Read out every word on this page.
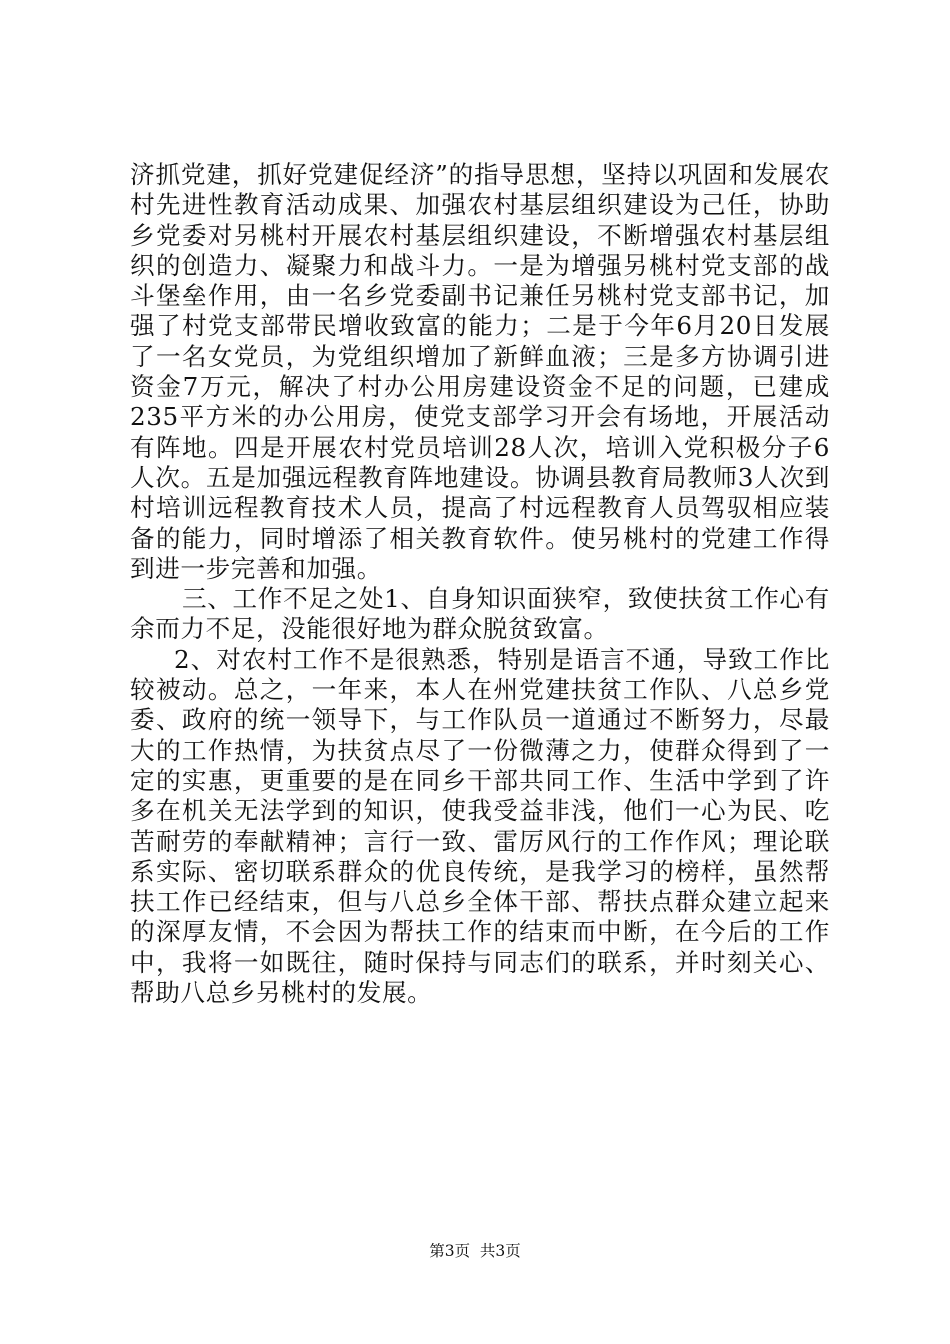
济抓党建，抓好党建促经济”的指导思想，坚持以巩固和发展农村先进性教育活动成果、加强农村基层组织建设为己任，协助乡党委对另桃村开展农村基层组织建设，不断增强农村基层组织的创造力、凝聚力和战斗力。一是为增强另桃村党支部的战斗堡垒作用，由一名乡党委副书记兼任另桃村党支部书记，加强了村党支部带民增收致富的能力；二是于今年6月20日发展了一名女党员，为党组织增加了新鲜血液；三是多方协调引进资金7万元，解决了村办公用房建设资金不足的问题，已建成235平方米的办公用房，使党支部学习开会有场地，开展活动有阵地。四是开展农村党员培训28人次，培训入党积极分子6人次。五是加强远程教育阵地建设。协调县教育局教师3人次到村培训远程教育技术人员，提高了村远程教育人员驾驭相应装备的能力，同时增添了相关教育软件。使另桃村的党建工作得到进一步完善和加强。

三、工作不足之处1、自身知识面狭窄，致使扶贫工作心有余而力不足，没能很好地为群众脱贫致富。

2、对农村工作不是很熟悉，特别是语言不通，导致工作比较被动。总之，一年来，本人在州党建扶贫工作队、八总乡党委、政府的统一领导下，与工作队员一道通过不断努力，尽最大的工作热情，为扶贫点尽了一份微薄之力，使群众得到了一定的实惠，更重要的是在同乡干部共同工作、生活中学到了许多在机关无法学到的知识，使我受益非浅，他们一心为民、吃苦耐劳的奉献精神；言行一致、雷厉风行的工作作风；理论联系实际、密切联系群众的优良传统，是我学习的榜样，虽然帮扶工作已经结束，但与八总乡全体干部、帮扶点群众建立起来的深厚友情，不会因为帮扶工作的结束而中断，在今后的工作中，我将一如既往，随时保持与同志们的联系，并时刻关心、帮助八总乡另桃村的发展。

第3页  共3页
